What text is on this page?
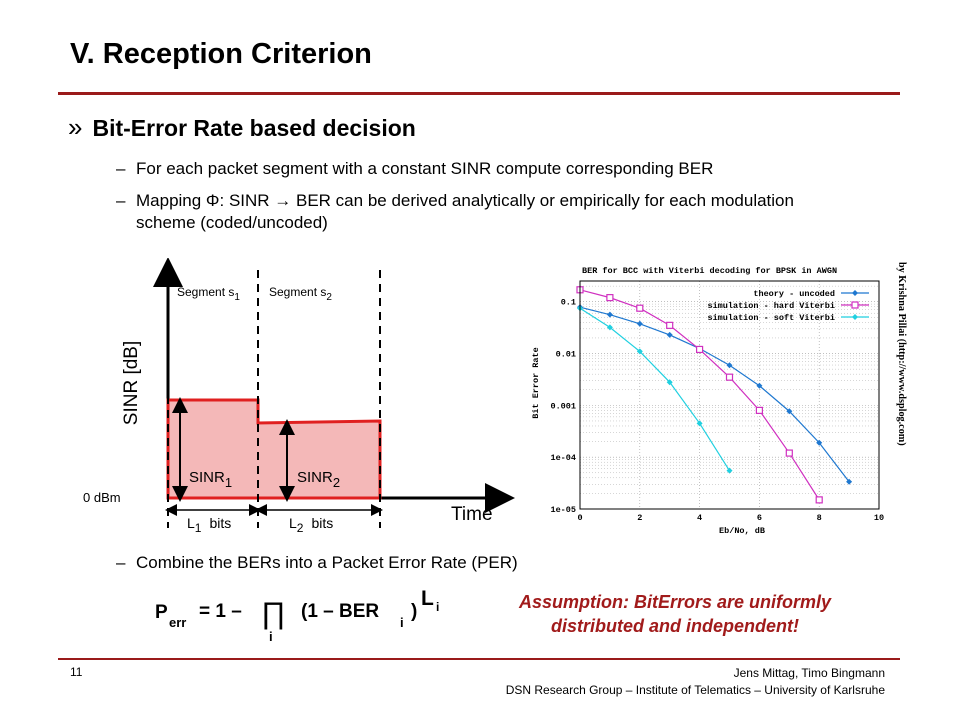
V. Reception Criterion
» Bit-Error Rate based decision
– For each packet segment with a constant SINR compute corresponding BER
– Mapping Φ: SINR → BER can be derived analytically or empirically for each modulation scheme (coded/uncoded)
– Combine the BERs into a Packet Error Rate (PER)
SINR [dB]
0 dBm
Time
Segment $s_1$ Segment $s_2$
SINR1	SINR2
L1 bits	L2 bits
BER for BCC with Viterbi decoding for BPSK in AWGN
Eb/No, dB
Bit Error Rate
0	2	4	6	8	10
0.1
0.01
0.001
1e-04
1e-05
theory - uncoded
simulation - hard Viterbi
simulation - soft Viterbi	by Krishna Pillai (http://www.dsplog.com)
P err
= 1 – ∏
i
(1 – BER
i
)
L i	Assumption: BitErrors are uniformly distributed and independent!
11	Jens Mittag, Timo Bingmann
DSN Research Group – Institute of Telematics – University of Karlsruhe
